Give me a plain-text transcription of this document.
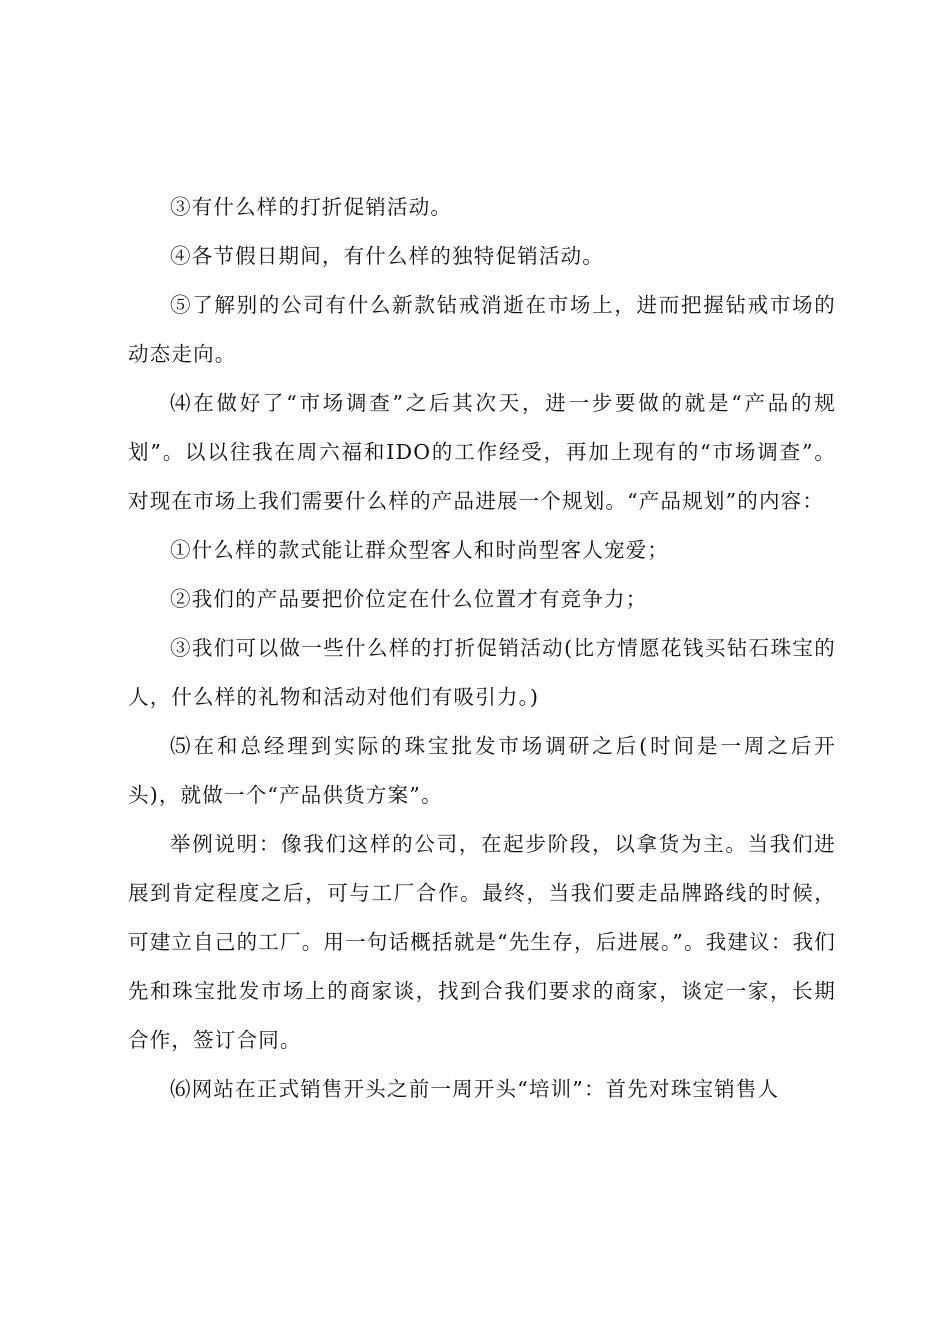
③有什么样的打折促销活动。

④各节假日期间，有什么样的独特促销活动。

⑤了解别的公司有什么新款钻戒消逝在市场上，进而把握钻戒市场的动态走向。

⑷在做好了“市场调查”之后其次天，进一步要做的就是“产品的规划”。以以往我在周六福和IDO的工作经受，再加上现有的“市场调查”。对现在市场上我们需要什么样的产品进展一个规划。“产品规划”的内容：

①什么样的款式能让群众型客人和时尚型客人宠爱；

②我们的产品要把价位定在什么位置才有竞争力；

③我们可以做一些什么样的打折促销活动(比方情愿花钱买钻石珠宝的人，什么样的礼物和活动对他们有吸引力。)

⑸在和总经理到实际的珠宝批发市场调研之后(时间是一周之后开头)，就做一个“产品供货方案”。

举例说明：像我们这样的公司，在起步阶段，以拿货为主。当我们进展到肯定程度之后，可与工厂合作。最终，当我们要走品牌路线的时候，可建立自己的工厂。用一句话概括就是“先生存，后进展。”。我建议：我们先和珠宝批发市场上的商家谈，找到合我们要求的商家，谈定一家，长期合作，签订合同。

⑹网站在正式销售开头之前一周开头“培训”：首先对珠宝销售人
